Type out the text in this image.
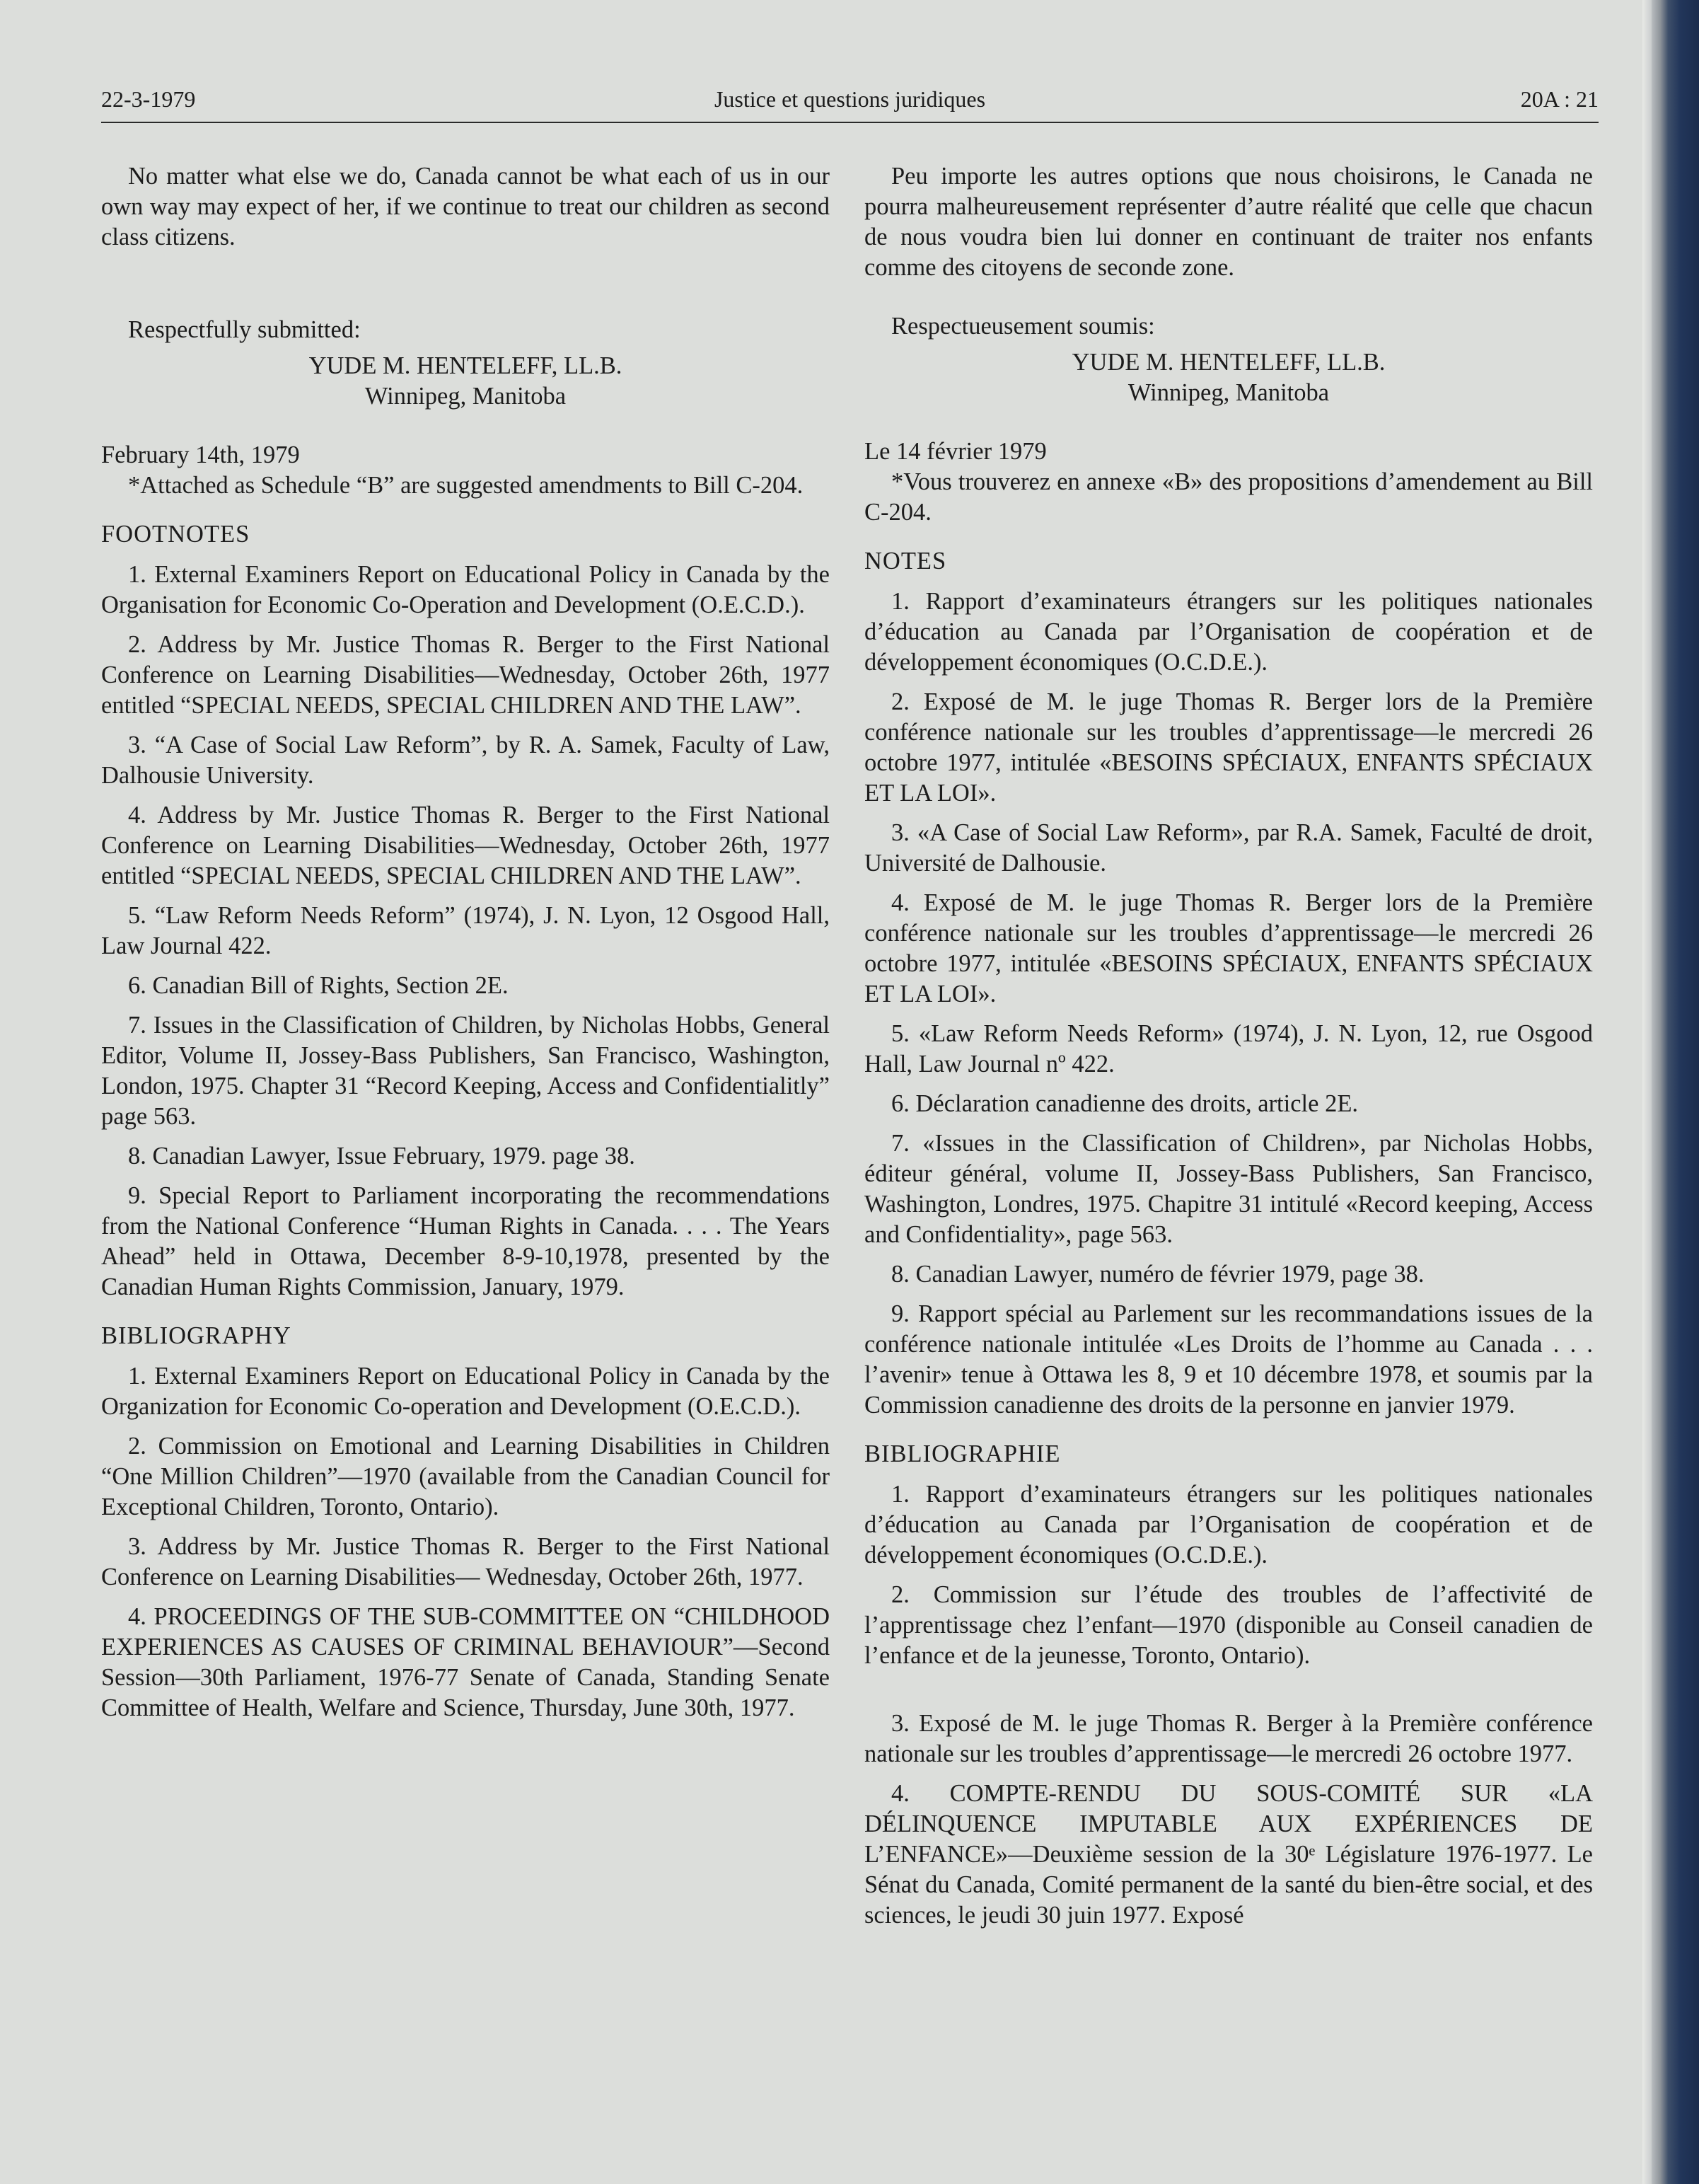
22-3-1979	Justice et questions juridiques	20A : 21

No matter what else we do, Canada cannot be what each of us in our own way may expect of her, if we continue to treat our children as second class citizens.

Respectfully submitted:

YUDE M. HENTELEFF, LL.B.

Winnipeg, Manitoba

February 14th, 1979

*Attached as Schedule “B” are suggested amendments to Bill C-204.

FOOTNOTES

1. External Examiners Report on Educational Policy in Canada by the Organisation for Economic Co-Operation and Development (O.E.C.D.).

2. Address by Mr. Justice Thomas R. Berger to the First National Conference on Learning Disabilities—Wednesday, October 26th, 1977 entitled “SPECIAL NEEDS, SPECIAL CHILDREN AND THE LAW”.

3. “A Case of Social Law Reform”, by R. A. Samek, Faculty of Law, Dalhousie University.

4. Address by Mr. Justice Thomas R. Berger to the First National Conference on Learning Disabilities—Wednesday, October 26th, 1977 entitled “SPECIAL NEEDS, SPECIAL CHILDREN AND THE LAW”.

5. “Law Reform Needs Reform” (1974), J. N. Lyon, 12 Osgood Hall, Law Journal 422.

6. Canadian Bill of Rights, Section 2E.

7. Issues in the Classification of Children, by Nicholas Hobbs, General Editor, Volume II, Jossey-Bass Publishers, San Francisco, Washington, London, 1975. Chapter 31 “Record Keeping, Access and Confidentialitly” page 563.

8. Canadian Lawyer, Issue February, 1979. page 38.

9. Special Report to Parliament incorporating the recommendations from the National Conference “Human Rights in Canada. . . . The Years Ahead” held in Ottawa, December 8-9-10,1978, presented by the Canadian Human Rights Commission, January, 1979.

BIBLIOGRAPHY

1. External Examiners Report on Educational Policy in Canada by the Organization for Economic Co-operation and Development (O.E.C.D.).

2. Commission on Emotional and Learning Disabilities in Children “One Million Children”—1970 (available from the Canadian Council for Exceptional Children, Toronto, Ontario).

3. Address by Mr. Justice Thomas R. Berger to the First National Conference on Learning Disabilities— Wednesday, October 26th, 1977.

4. PROCEEDINGS OF THE SUB-COMMITTEE ON “CHILDHOOD EXPERIENCES AS CAUSES OF CRIMINAL BEHAVIOUR”—Second Session—30th Parliament, 1976-77 Senate of Canada, Standing Senate Committee of Health, Welfare and Science, Thursday, June 30th, 1977.

Peu importe les autres options que nous choisirons, le Canada ne pourra malheureusement représenter d’autre réalité que celle que chacun de nous voudra bien lui donner en continuant de traiter nos enfants comme des citoyens de seconde zone.

Respectueusement soumis:

YUDE M. HENTELEFF, LL.B.

Winnipeg, Manitoba

Le 14 février 1979

*Vous trouverez en annexe «B» des propositions d’amendement au Bill C-204.

NOTES

1. Rapport d’examinateurs étrangers sur les politiques nationales d’éducation au Canada par l’Organisation de coopération et de développement économiques (O.C.D.E.).

2. Exposé de M. le juge Thomas R. Berger lors de la Première conférence nationale sur les troubles d’apprentissage—le mercredi 26 octobre 1977, intitulée «BESOINS SPÉCIAUX, ENFANTS SPÉCIAUX ET LA LOI».

3. «A Case of Social Law Reform», par R.A. Samek, Faculté de droit, Université de Dalhousie.

4. Exposé de M. le juge Thomas R. Berger lors de la Première conférence nationale sur les troubles d’apprentissage—le mercredi 26 octobre 1977, intitulée «BESOINS SPÉCIAUX, ENFANTS SPÉCIAUX ET LA LOI».

5. «Law Reform Needs Reform» (1974), J. N. Lyon, 12, rue Osgood Hall, Law Journal nº 422.

6. Déclaration canadienne des droits, article 2E.

7. «Issues in the Classification of Children», par Nicholas Hobbs, éditeur général, volume II, Jossey-Bass Publishers, San Francisco, Washington, Londres, 1975. Chapitre 31 intitulé «Record keeping, Access and Confidentiality», page 563.

8. Canadian Lawyer, numéro de février 1979, page 38.

9. Rapport spécial au Parlement sur les recommandations issues de la conférence nationale intitulée «Les Droits de l’homme au Canada . . . l’avenir» tenue à Ottawa les 8, 9 et 10 décembre 1978, et soumis par la Commission canadienne des droits de la personne en janvier 1979.

BIBLIOGRAPHIE

1. Rapport d’examinateurs étrangers sur les politiques nationales d’éducation au Canada par l’Organisation de coopération et de développement économiques (O.C.D.E.).

2. Commission sur l’étude des troubles de l’affectivité de l’apprentissage chez l’enfant—1970 (disponible au Conseil canadien de l’enfance et de la jeunesse, Toronto, Ontario).

3. Exposé de M. le juge Thomas R. Berger à la Première conférence nationale sur les troubles d’apprentissage—le mercredi 26 octobre 1977.

4. COMPTE-RENDU DU SOUS-COMITÉ SUR «LA DÉLINQUENCE IMPUTABLE AUX EXPÉRIENCES DE L’ENFANCE»—Deuxième session de la 30ᵉ Législature 1976-1977. Le Sénat du Canada, Comité permanent de la santé du bien-être social, et des sciences, le jeudi 30 juin 1977. Exposé
